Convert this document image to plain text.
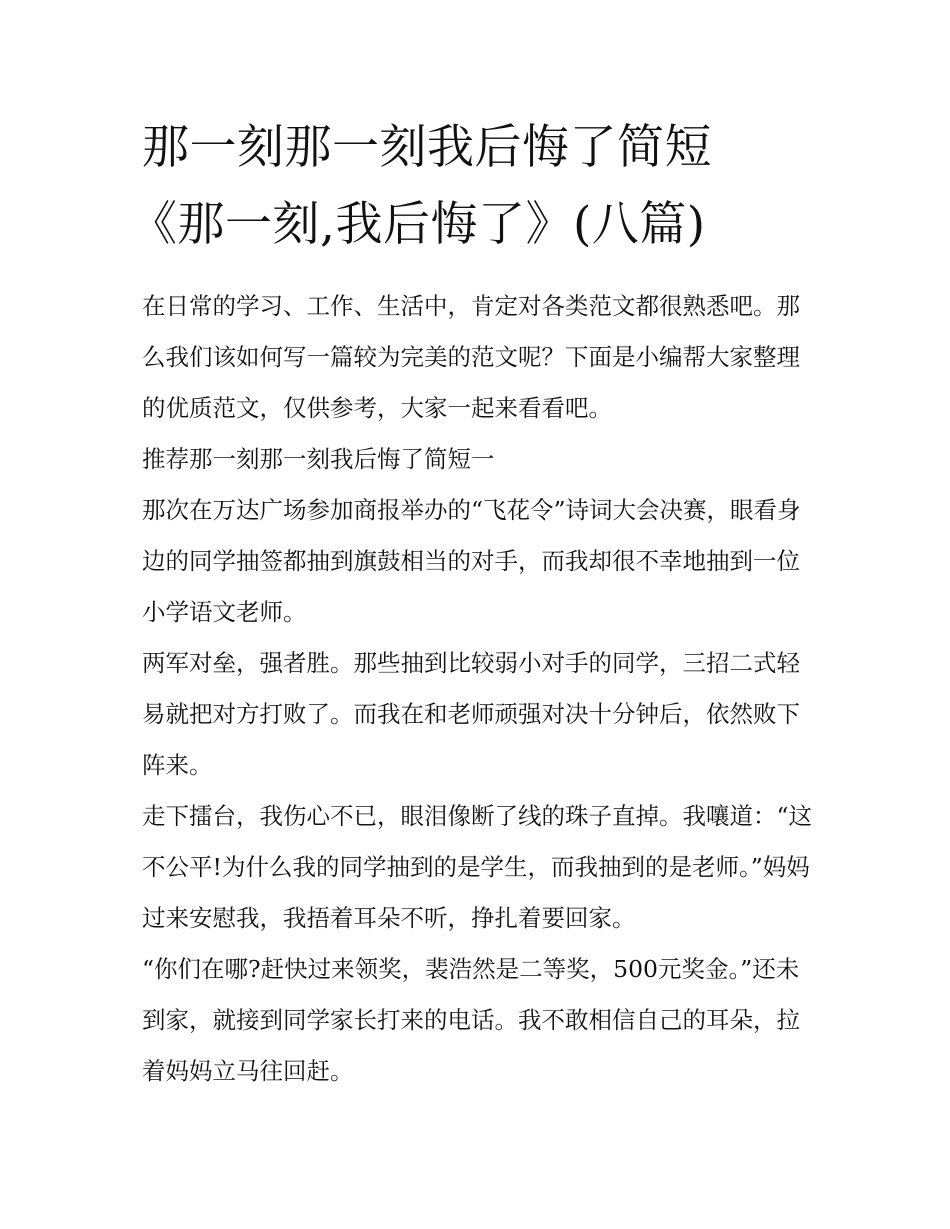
那一刻那一刻我后悔了简短
《那一刻,我后悔了》(八篇)

在日常的学习、工作、生活中，肯定对各类范文都很熟悉吧。那么我们该如何写一篇较为完美的范文呢？下面是小编帮大家整理的优质范文，仅供参考，大家一起来看看吧。

推荐那一刻那一刻我后悔了简短一

那次在万达广场参加商报举办的“飞花令”诗词大会决赛，眼看身边的同学抽签都抽到旗鼓相当的对手，而我却很不幸地抽到一位小学语文老师。

两军对垒，强者胜。那些抽到比较弱小对手的同学，三招二式轻易就把对方打败了。而我在和老师顽强对决十分钟后，依然败下阵来。

走下擂台，我伤心不已，眼泪像断了线的珠子直掉。我嚷道：“这不公平!为什么我的同学抽到的是学生，而我抽到的是老师。”妈妈过来安慰我，我捂着耳朵不听，挣扎着要回家。

“你们在哪?赶快过来领奖，裴浩然是二等奖，500元奖金。”还未到家，就接到同学家长打来的电话。我不敢相信自己的耳朵，拉着妈妈立马往回赶。
